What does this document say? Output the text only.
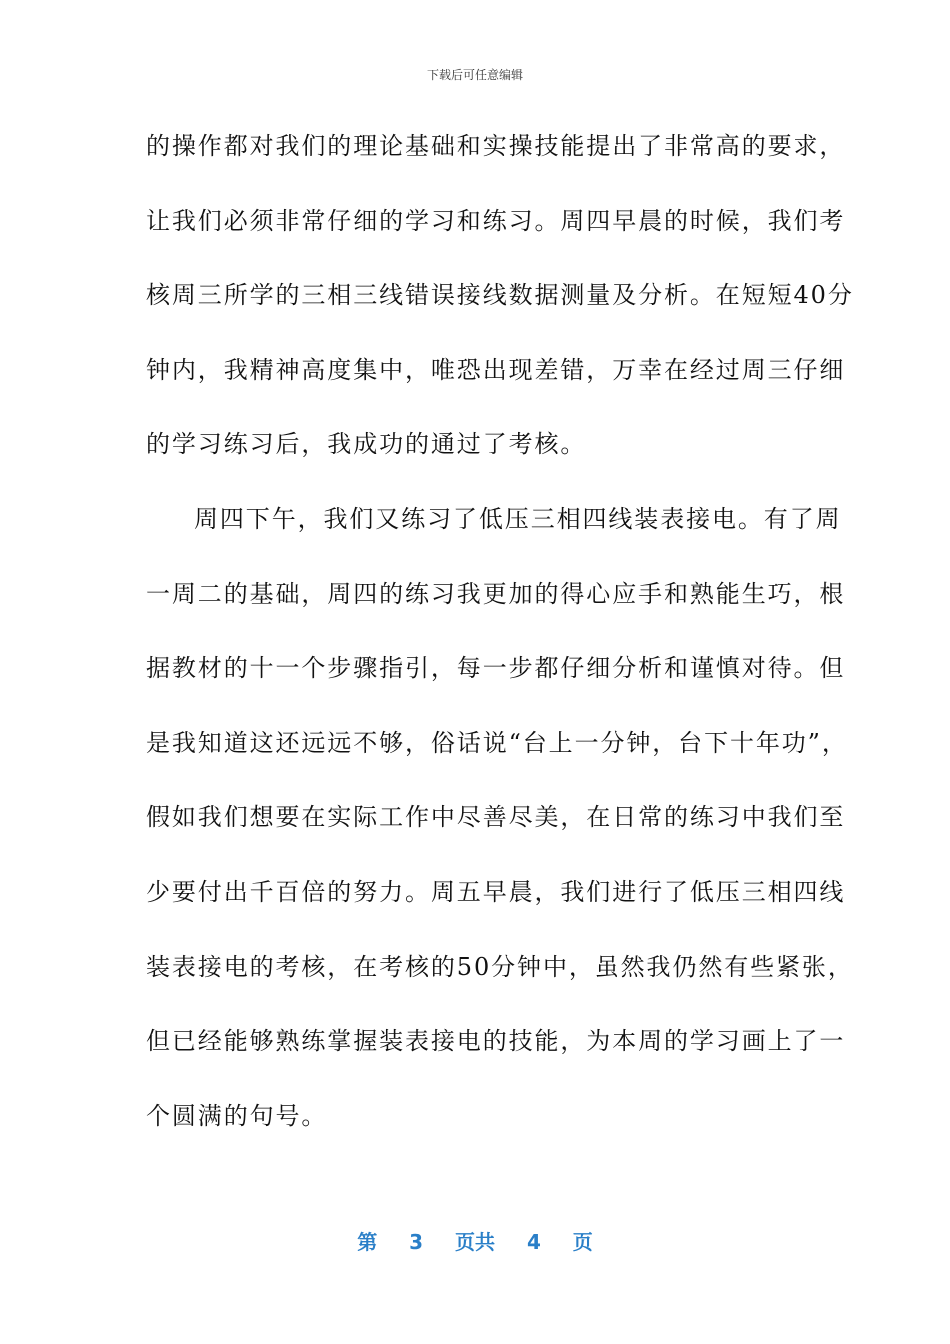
下载后可任意编辑
的操作都对我们的理论基础和实操技能提出了非常高的要求，
让我们必须非常仔细的学习和练习。周四早晨的时候，我们考
核周三所学的三相三线错误接线数据测量及分析。在短短40分
钟内，我精神高度集中，唯恐出现差错，万幸在经过周三仔细
的学习练习后，我成功的通过了考核。
周四下午，我们又练习了低压三相四线装表接电。有了周
一周二的基础，周四的练习我更加的得心应手和熟能生巧，根
据教材的十一个步骤指引，每一步都仔细分析和谨慎对待。但
是我知道这还远远不够，俗话说“台上一分钟，台下十年功”，
假如我们想要在实际工作中尽善尽美，在日常的练习中我们至
少要付出千百倍的努力。周五早晨，我们进行了低压三相四线
装表接电的考核，在考核的50分钟中，虽然我仍然有些紧张，
但已经能够熟练掌握装表接电的技能，为本周的学习画上了一
个圆满的句号。
第 3 页共 4 页
